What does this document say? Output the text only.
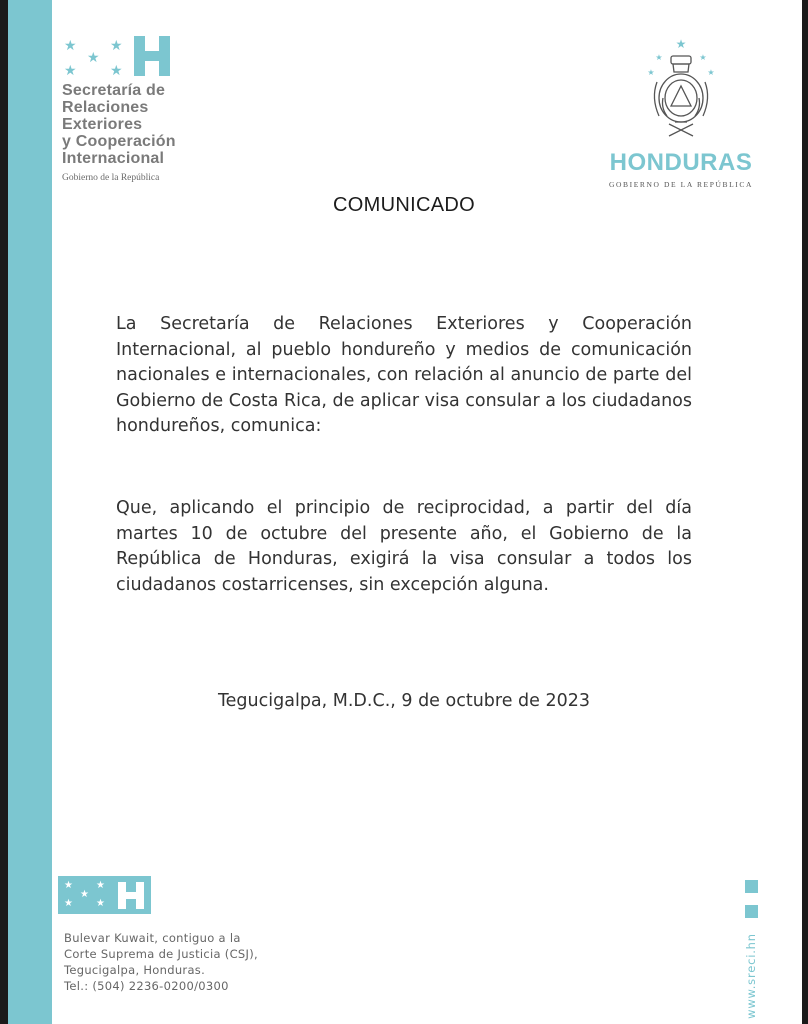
★ ★
★
★ ★
Secretaría de
Relaciones
Exteriores
y Cooperación
Internacional
Gobierno de la República
★
★	★
★	★
HONDURAS
GOBIERNO DE LA REPÚBLICA
COMUNICADO

La Secretaría de Relaciones Exteriores y Cooperación Internacional, al pueblo hondureño y medios de comunicación nacionales e internacionales, con relación al anuncio de parte del Gobierno de Costa Rica, de aplicar visa consular a los ciudadanos hondureños, comunica:

Que, aplicando el principio de reciprocidad, a partir del día martes 10 de octubre del presente año, el Gobierno de la República de Honduras, exigirá la visa consular a todos los ciudadanos costarricenses, sin excepción alguna.

Tegucigalpa, M.D.C., 9 de octubre de 2023
★ ★
★
★ ★
Bulevar Kuwait, contiguo a la
Corte Suprema de Justicia (CSJ),
Tegucigalpa, Honduras.
Tel.: (504) 2236-0200/0300	www.sreci.hn
